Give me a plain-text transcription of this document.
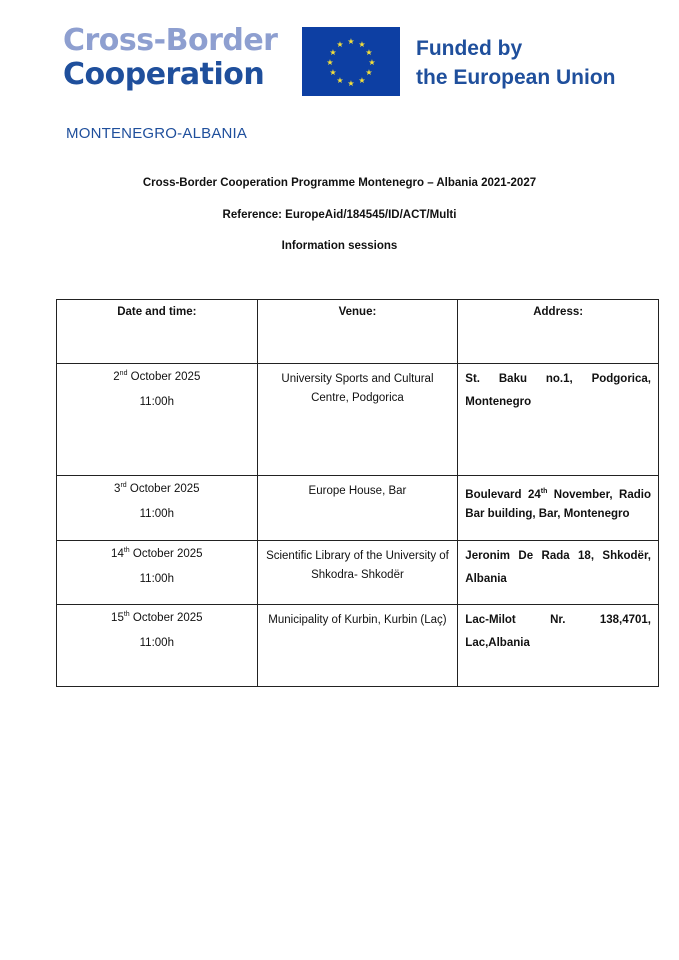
Cross-Border
Cooperation
★ ★
★
★
★
★
★
★
★
★
★
★	Funded by
the European Union
MONTENEGRO-ALBANIA
Cross-Border Cooperation Programme Montenegro – Albania 2021-2027
Reference: EuropeAid/184545/ID/ACT/Multi
Information sessions
Date and time:	Venue:	Address:
2nd October 2025
11:00h	University Sports and Cultural Centre, Podgorica	St. Baku no.1, Podgorica, Montenegro
3rd October 2025
11:00h	Europe House, Bar	Boulevard 24th November, Radio Bar building, Bar, Montenegro
14th October 2025
11:00h	Scientific Library of the University of Shkodra- Shkodër	Jeronim De Rada 18, Shkodër, Albania
15th October 2025
11:00h	Municipality of Kurbin, Kurbin (Laç)	Lac-Milot Nr. 138,4701, Lac,Albania
